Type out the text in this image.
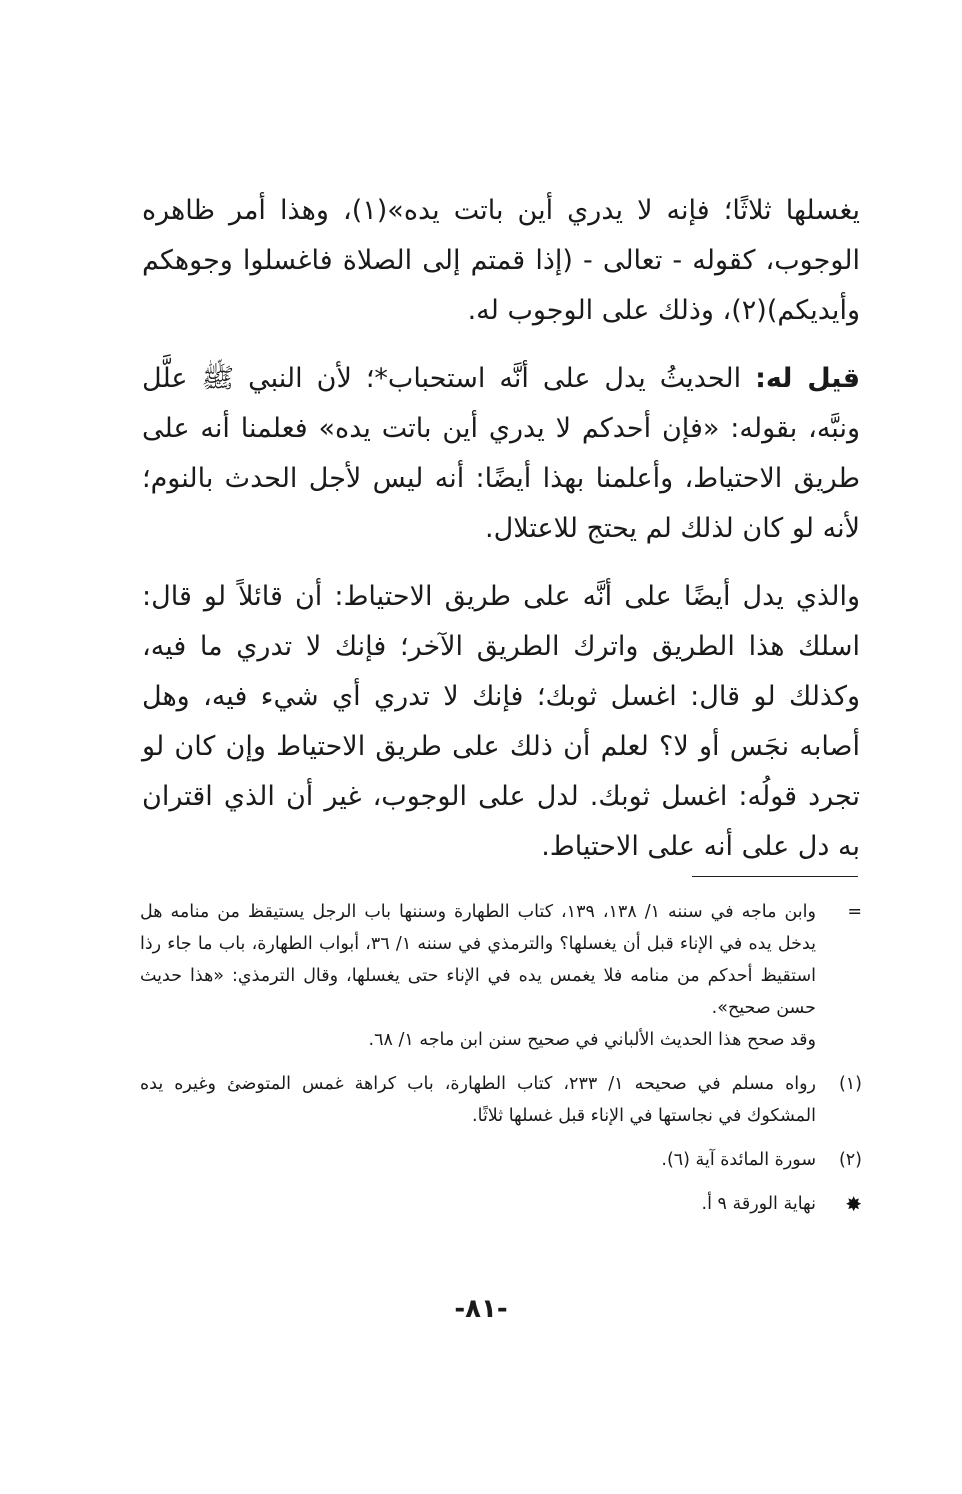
يغسلها ثلاثًا؛ فإنه لا يدري أين باتت يده»(١)، وهذا أمر ظاهره الوجوب، كقوله - تعالى - (إذا قمتم إلى الصلاة فاغسلوا وجوهكم وأيديكم)(٢)، وذلك على الوجوب له.

قيل له: الحديثُ يدل على أنَّه استحباب*؛ لأن النبي ﷺ علَّل ونبَّه، بقوله: «فإن أحدكم لا يدري أين باتت يده» فعلمنا أنه على طريق الاحتياط، وأعلمنا بهذا أيضًا: أنه ليس لأجل الحدث بالنوم؛ لأنه لو كان لذلك لم يحتج للاعتلال.

والذي يدل أيضًا على أنَّه على طريق الاحتياط: أن قائلاً لو قال: اسلك هذا الطريق واترك الطريق الآخر؛ فإنك لا تدري ما فيه، وكذلك لو قال: اغسل ثوبك؛ فإنك لا تدري أي شيء فيه، وهل أصابه نجَس أو لا؟ لعلم أن ذلك على طريق الاحتياط وإن كان لو تجرد قولُه: اغسل ثوبك. لدل على الوجوب، غير أن الذي اقتران به دل على أنه على الاحتياط.

=
وابن ماجه في سننه ١/ ١٣٨، ١٣٩، كتاب الطهارة وسننها باب الرجل يستيقظ من منامه هل يدخل يده في الإناء قبل أن يغسلها؟ والترمذي في سننه ١/ ٣٦، أبواب الطهارة، باب ما جاء رذا استقيظ أحدكم من منامه فلا يغمس يده في الإناء حتى يغسلها، وقال الترمذي: «هذا حديث حسن صحيح».
وقد صحح هذا الحديث الألباني في صحيح سنن ابن ماجه ١/ ٦٨.
(١)
رواه مسلم في صحيحه ١/ ٢٣٣، كتاب الطهارة، باب كراهة غمس المتوضئ وغيره يده المشكوك في نجاستها في الإناء قبل غسلها ثلاثًا.
(٢)
سورة المائدة آية (٦).
✸
نهاية الورقة ٩ أ.
-٨١-
